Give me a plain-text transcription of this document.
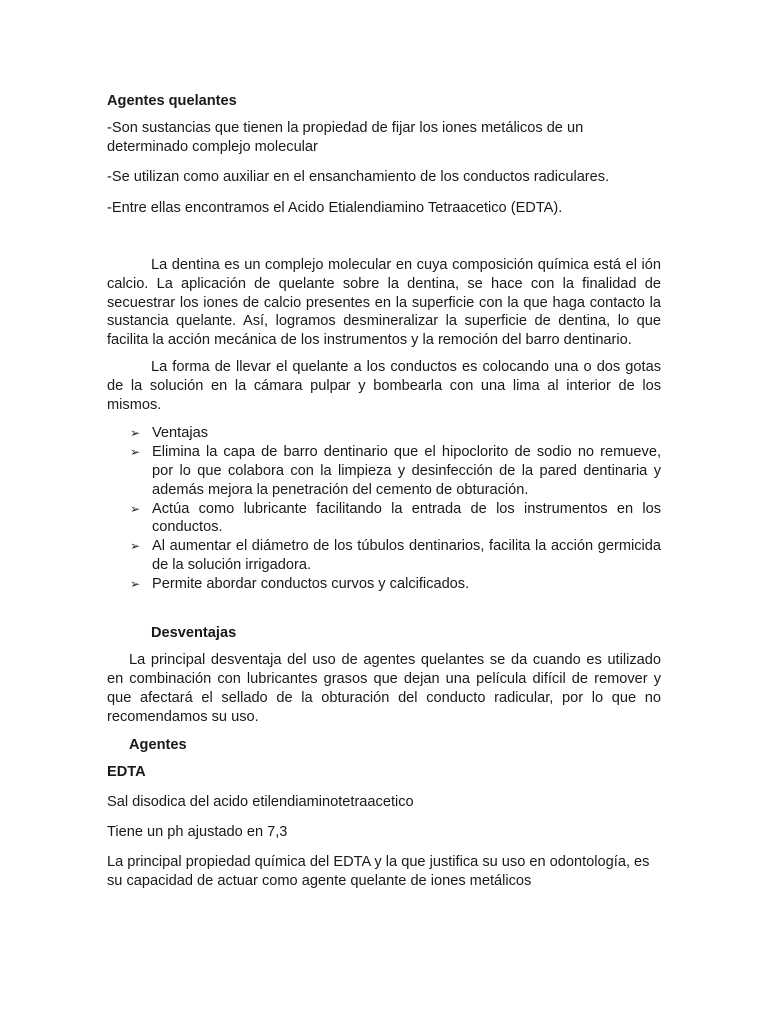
Agentes quelantes

-Son sustancias que tienen la propiedad de fijar los iones metálicos de un determinado complejo molecular

-Se utilizan como auxiliar en el ensanchamiento de los conductos radiculares.

-Entre ellas encontramos el Acido Etialendiamino Tetraacetico (EDTA).

La dentina es un complejo molecular en cuya composición química está el ión calcio. La aplicación de quelante sobre la dentina, se hace con la finalidad de secuestrar los iones de calcio presentes en la superficie con la que haga contacto la sustancia quelante. Así, logramos desmineralizar la superficie de dentina, lo que facilita la acción mecánica de los instrumentos y la remoción del barro dentinario.

La forma de llevar el quelante a los conductos es colocando una o dos gotas de la solución en la cámara pulpar y bombearla con una lima al interior de los mismos.

➢ Ventajas
➢ Elimina la capa de barro dentinario que el hipoclorito de sodio no remueve, por lo que colabora con la limpieza y desinfección de la pared dentinaria y además mejora la penetración del cemento de obturación.
➢ Actúa como lubricante facilitando la entrada de los instrumentos en los conductos.
➢ Al aumentar el diámetro de los túbulos dentinarios, facilita la acción germicida de la solución irrigadora.
➢ Permite abordar conductos curvos y calcificados.

Desventajas

La principal desventaja del uso de agentes quelantes se da cuando es utilizado en combinación con lubricantes grasos que dejan una película difícil de remover y que afectará el sellado de la obturación del conducto radicular, por lo que no recomendamos su uso.

Agentes

EDTA

Sal disodica del acido etilendiaminotetraacetico

Tiene un ph ajustado en 7,3

La principal propiedad química del EDTA y la que justifica su uso en odontología, es su capacidad de actuar como agente quelante de iones metálicos
